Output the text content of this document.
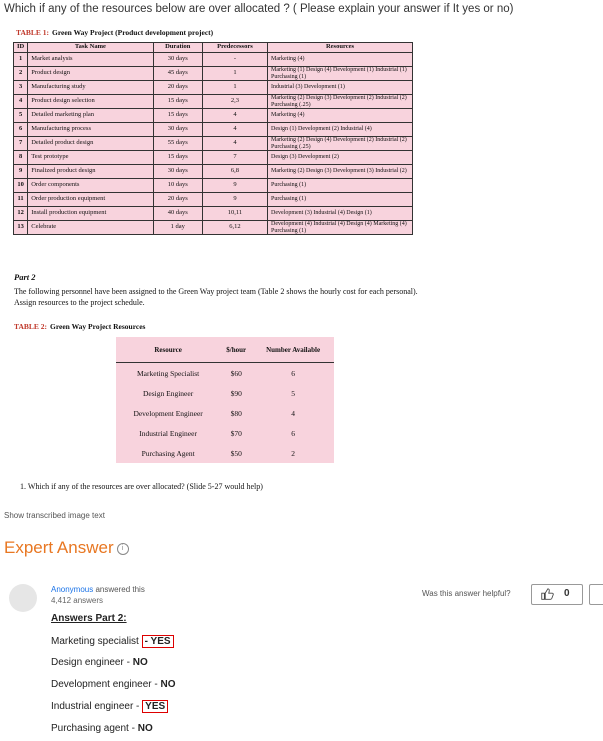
Which if any of the resources below are over allocated ? ( Please explain your answer if It yes or no)
TABLE 1: Green Way Project (Product development project)
ID	Task Name	Duration	Predecessors	Resources
1	Market analysis	30 days	-	Marketing (4)
2	Product design	45 days	1	Marketing (1) Design (4) Development (1) Industrial (1) Purchasing (1)
3	Manufacturing study	20 days	1	Industrial (3) Development (1)
4	Product design selection	15 days	2,3	Marketing (2) Design (3) Development (2) Industrial (2) Purchasing (.25)
5	Detailed marketing plan	15 days	4	Marketing (4)
6	Manufacturing process	30 days	4	Design (1) Development (2) Industrial (4)
7	Detailed product design	55 days	4	Marketing (2) Design (4) Development (2) Industrial (2) Purchasing (.25)
8	Test prototype	15 days	7	Design (3) Development (2)
9	Finalized product design	30 days	6,8	Marketing (2) Design (3) Development (3) Industrial (2)
10	Order components	10 days	9	Purchasing (1)
11	Order production equipment	20 days	9	Purchasing (1)
12	Install production equipment	40 days	10,11	Development (3) Industrial (4) Design (1)
13	Celebrate	1 day	6,12	Development (4) Industrial (4) Design (4) Marketing (4) Purchasing (1)
Part 2
The following personnel have been assigned to the Green Way project team (Table 2 shows the hourly cost for each personal). Assign resources to the project schedule.
TABLE 2: Green Way Project Resources
Resource	$/hour	Number Available
Marketing Specialist	$60	6
Design Engineer	$90	5
Development Engineer	$80	4
Industrial Engineer	$70	6
Purchasing Agent	$50	2
1. Which if any of the resources are over allocated? (Slide 5-27 would help)
Show transcribed image text
Expert Answer i
Anonymous answered this
4,412 answers
Was this answer helpful?	0
Answers Part 2:
Marketing specialist - YES
Design engineer - NO
Development engineer - NO
Industrial engineer - YES
Purchasing agent - NO
